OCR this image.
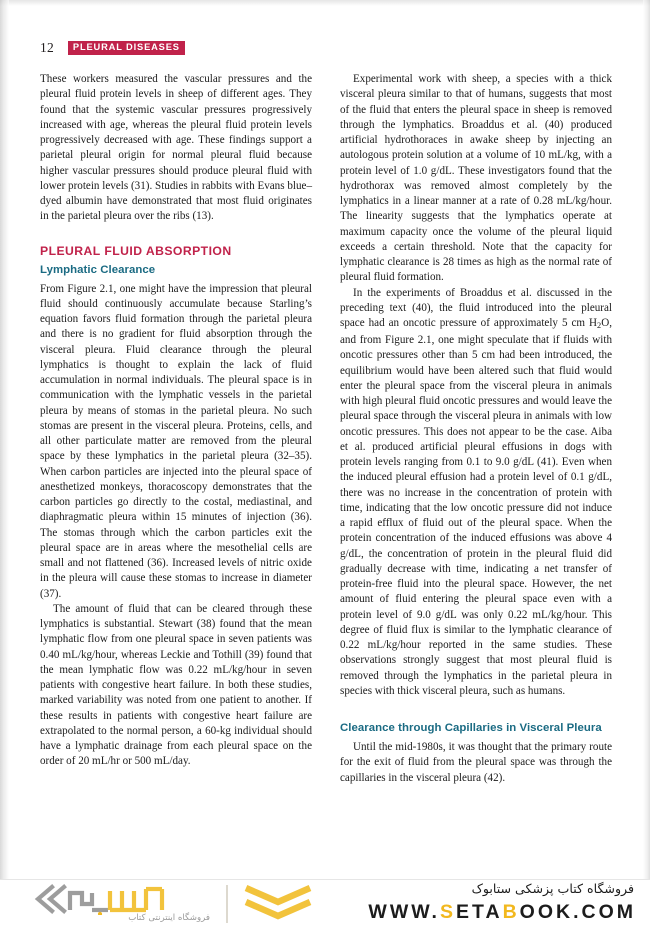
12	PLEURAL DISEASES

These workers measured the vascular pressures and the pleural fluid protein levels in sheep of different ages. They found that the systemic vascular pressures progressively increased with age, whereas the pleural fluid protein levels progressively decreased with age. These findings support a parietal pleural origin for normal pleural fluid because higher vascular pressures should produce pleural fluid with lower protein levels (31). Studies in rabbits with Evans blue–dyed albumin have demonstrated that most fluid originates in the parietal pleura over the ribs (13).

PLEURAL FLUID ABSORPTION
Lymphatic Clearance

From Figure 2.1, one might have the impression that pleural fluid should continuously accumulate because Starling’s equation favors fluid formation through the parietal pleura and there is no gradient for fluid absorption through the visceral pleura. Fluid clearance through the pleural lymphatics is thought to explain the lack of fluid accumulation in normal individuals. The pleural space is in communication with the lymphatic vessels in the parietal pleura by means of stomas in the parietal pleura. No such stomas are present in the visceral pleura. Proteins, cells, and all other particulate matter are removed from the pleural space by these lymphatics in the parietal pleura (32–35). When carbon particles are injected into the pleural space of anesthetized monkeys, thoracoscopy demonstrates that the carbon particles go directly to the costal, mediastinal, and diaphragmatic pleura within 15 minutes of injection (36). The stomas through which the carbon particles exit the pleural space are in areas where the mesothelial cells are small and not flattened (36). Increased levels of nitric oxide in the pleura will cause these stomas to increase in diameter (37).

The amount of fluid that can be cleared through these lymphatics is substantial. Stewart (38) found that the mean lymphatic flow from one pleural space in seven patients was 0.40 mL/kg/hour, whereas Leckie and Tothill (39) found that the mean lymphatic flow was 0.22 mL/kg/hour in seven patients with congestive heart failure. In both these studies, marked variability was noted from one patient to another. If these results in patients with congestive heart failure are extrapolated to the normal person, a 60-kg individual should have a lymphatic drainage from each pleural space on the order of 20 mL/hr or 500 mL/day.

Experimental work with sheep, a species with a thick visceral pleura similar to that of humans, suggests that most of the fluid that enters the pleural space in sheep is removed through the lymphatics. Broaddus et al. (40) produced artificial hydrothoraces in awake sheep by injecting an autologous protein solution at a volume of 10 mL/kg, with a protein level of 1.0 g/dL. These investigators found that the hydrothorax was removed almost completely by the lymphatics in a linear manner at a rate of 0.28 mL/kg/hour. The linearity suggests that the lymphatics operate at maximum capacity once the volume of the pleural liquid exceeds a certain threshold. Note that the capacity for lymphatic clearance is 28 times as high as the normal rate of pleural fluid formation.

In the experiments of Broaddus et al. discussed in the preceding text (40), the fluid introduced into the pleural space had an oncotic pressure of approximately 5 cm $H_2O$, and from Figure 2.1, one might speculate that if fluids with oncotic pressures other than 5 cm had been introduced, the equilibrium would have been altered such that fluid would enter the pleural space from the visceral pleura in animals with high pleural fluid oncotic pressures and would leave the pleural space through the visceral pleura in animals with low oncotic pressures. This does not appear to be the case. Aiba et al. produced artificial pleural effusions in dogs with protein levels ranging from 0.1 to 9.0 g/dL (41). Even when the induced pleural effusion had a protein level of 0.1 g/dL, there was no increase in the concentration of protein with time, indicating that the low oncotic pressure did not induce a rapid efflux of fluid out of the pleural space. When the protein concentration of the induced effusions was above 4 g/dL, the concentration of protein in the pleural fluid did gradually decrease with time, indicating a net transfer of protein-free fluid into the pleural space. However, the net amount of fluid entering the pleural space even with a protein level of 9.0 g/dL was only 0.22 mL/kg/hour. This degree of fluid flux is similar to the lymphatic clearance of 0.22 mL/kg/hour reported in the same studies. These observations strongly suggest that most pleural fluid is removed through the lymphatics in the parietal pleura in species with thick visceral pleura, such as humans.

Clearance through Capillaries in Visceral Pleura

Until the mid-1980s, it was thought that the primary route for the exit of fluid from the pleural space was through the capillaries in the visceral pleura (42).

فروشگاه اینترنتی کتاب
فروشگاه کتاب پزشکی ستابوک
WWW.SETABOOK.COM
